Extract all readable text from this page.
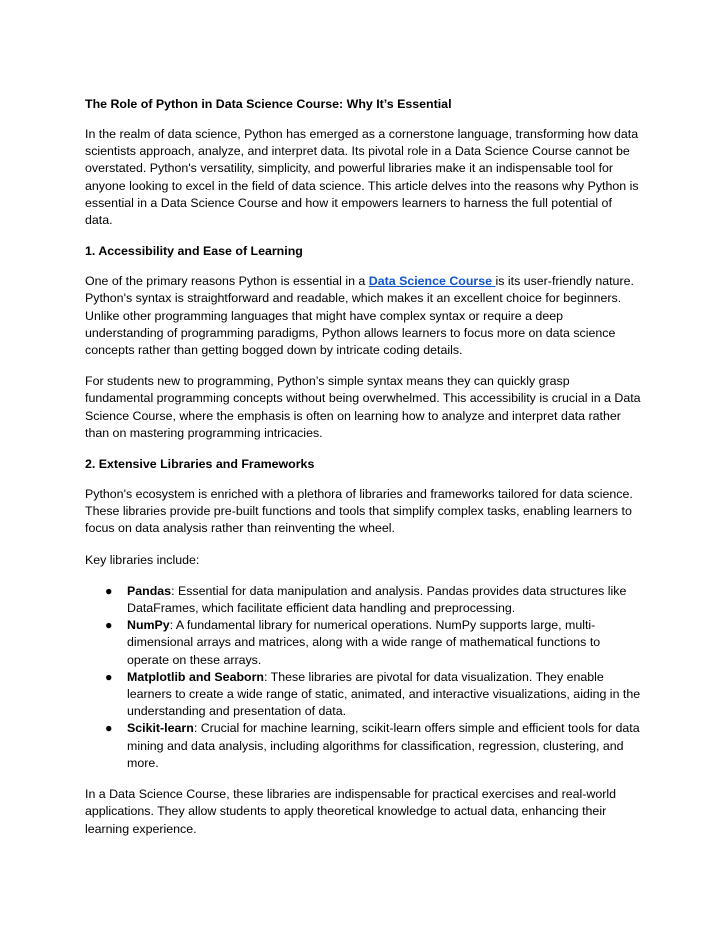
The Role of Python in Data Science Course: Why It’s Essential

In the realm of data science, Python has emerged as a cornerstone language, transforming how data scientists approach, analyze, and interpret data. Its pivotal role in a Data Science Course cannot be overstated. Python's versatility, simplicity, and powerful libraries make it an indispensable tool for anyone looking to excel in the field of data science. This article delves into the reasons why Python is essential in a Data Science Course and how it empowers learners to harness the full potential of data.

1. Accessibility and Ease of Learning

One of the primary reasons Python is essential in a Data Science Course is its user-friendly nature. Python's syntax is straightforward and readable, which makes it an excellent choice for beginners. Unlike other programming languages that might have complex syntax or require a deep understanding of programming paradigms, Python allows learners to focus more on data science concepts rather than getting bogged down by intricate coding details.

For students new to programming, Python’s simple syntax means they can quickly grasp fundamental programming concepts without being overwhelmed. This accessibility is crucial in a Data Science Course, where the emphasis is often on learning how to analyze and interpret data rather than on mastering programming intricacies.

2. Extensive Libraries and Frameworks

Python's ecosystem is enriched with a plethora of libraries and frameworks tailored for data science. These libraries provide pre-built functions and tools that simplify complex tasks, enabling learners to focus on data analysis rather than reinventing the wheel.

Key libraries include:

● Pandas: Essential for data manipulation and analysis. Pandas provides data structures like DataFrames, which facilitate efficient data handling and preprocessing.
● NumPy: A fundamental library for numerical operations. NumPy supports large, multi-dimensional arrays and matrices, along with a wide range of mathematical functions to operate on these arrays.
● Matplotlib and Seaborn: These libraries are pivotal for data visualization. They enable learners to create a wide range of static, animated, and interactive visualizations, aiding in the understanding and presentation of data.
● Scikit-learn: Crucial for machine learning, scikit-learn offers simple and efficient tools for data mining and data analysis, including algorithms for classification, regression, clustering, and more.

In a Data Science Course, these libraries are indispensable for practical exercises and real-world applications. They allow students to apply theoretical knowledge to actual data, enhancing their learning experience.
